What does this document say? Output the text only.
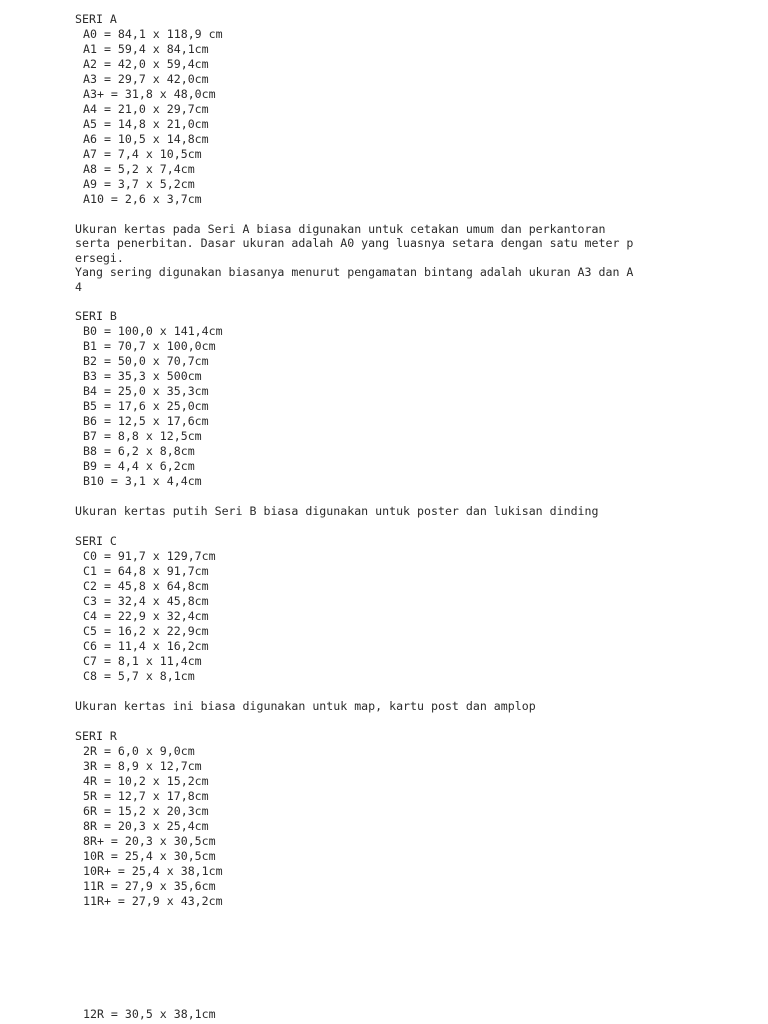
SERI A
A0 = 84,1 x 118,9 cm
A1 = 59,4 x 84,1cm
A2 = 42,0 x 59,4cm
A3 = 29,7 x 42,0cm
A3+ = 31,8 x 48,0cm
A4 = 21,0 x 29,7cm
A5 = 14,8 x 21,0cm
A6 = 10,5 x 14,8cm
A7 = 7,4 x 10,5cm
A8 = 5,2 x 7,4cm
A9 = 3,7 x 5,2cm
A10 = 2,6 x 3,7cm
Ukuran kertas pada Seri A biasa digunakan untuk cetakan umum dan perkantoran
serta penerbitan. Dasar ukuran adalah A0 yang luasnya setara dengan satu meter p
ersegi.
Yang sering digunakan biasanya menurut pengamatan bintang adalah ukuran A3 dan A
4
SERI B
B0 = 100,0 x 141,4cm
B1 = 70,7 x 100,0cm
B2 = 50,0 x 70,7cm
B3 = 35,3 x 500cm
B4 = 25,0 x 35,3cm
B5 = 17,6 x 25,0cm
B6 = 12,5 x 17,6cm
B7 = 8,8 x 12,5cm
B8 = 6,2 x 8,8cm
B9 = 4,4 x 6,2cm
B10 = 3,1 x 4,4cm
Ukuran kertas putih Seri B biasa digunakan untuk poster dan lukisan dinding
SERI C
C0 = 91,7 x 129,7cm
C1 = 64,8 x 91,7cm
C2 = 45,8 x 64,8cm
C3 = 32,4 x 45,8cm
C4 = 22,9 x 32,4cm
C5 = 16,2 x 22,9cm
C6 = 11,4 x 16,2cm
C7 = 8,1 x 11,4cm
C8 = 5,7 x 8,1cm
Ukuran kertas ini biasa digunakan untuk map, kartu post dan amplop
SERI R
2R = 6,0 x 9,0cm
3R = 8,9 x 12,7cm
4R = 10,2 x 15,2cm
5R = 12,7 x 17,8cm
6R = 15,2 x 20,3cm
8R = 20,3 x 25,4cm
8R+ = 20,3 x 30,5cm
10R = 25,4 x 30,5cm
10R+ = 25,4 x 38,1cm
11R = 27,9 x 35,6cm
11R+ = 27,9 x 43,2cm
12R = 30,5 x 38,1cm
